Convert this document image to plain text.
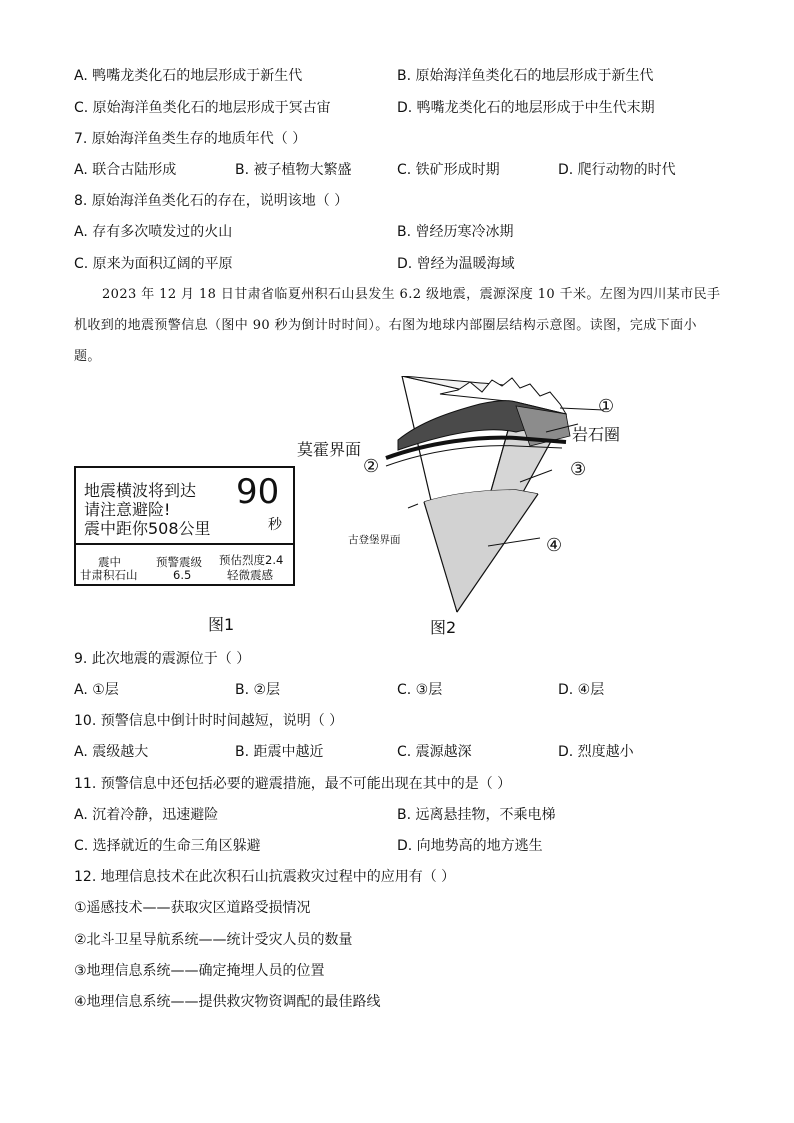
A. 鸭嘴龙类化石的地层形成于新生代	B. 原始海洋鱼类化石的地层形成于新生代
C. 原始海洋鱼类化石的地层形成于冥古宙	D. 鸭嘴龙类化石的地层形成于中生代末期
7. 原始海洋鱼类生存的地质年代（ ）
A. 联合古陆形成	B. 被子植物大繁盛	C. 铁矿形成时期	D. 爬行动物的时代
8. 原始海洋鱼类化石的存在，说明该地（ ）
A. 存有多次喷发过的火山	B. 曾经历寒冷冰期
C. 原来为面积辽阔的平原	D. 曾经为温暖海域
2023 年 12 月 18 日甘肃省临夏州积石山县发生 6.2 级地震，震源深度 10 千米。左图为四川某市民手机收到的地震预警信息（图中 90 秒为倒计时时间）。右图为地球内部圈层结构示意图。读图，完成下面小题。
地震横波将到达
请注意避险!
震中距你508公里
90
秒
震中
甘肃积石山
预警震级
6.5
预估烈度2.4
轻微震感
图1
莫霍界面
②
古登堡界面
①
岩石圈
③
④
图2
9. 此次地震的震源位于（ ）
A. ①层	B. ②层	C. ③层	D. ④层
10. 预警信息中倒计时时间越短，说明（ ）
A. 震级越大	B. 距震中越近	C. 震源越深	D. 烈度越小
11. 预警信息中还包括必要的避震措施，最不可能出现在其中的是（ ）
A. 沉着冷静，迅速避险	B. 远离悬挂物，不乘电梯
C. 选择就近的生命三角区躲避	D. 向地势高的地方逃生
12. 地理信息技术在此次积石山抗震救灾过程中的应用有（ ）
①遥感技术——获取灾区道路受损情况
②北斗卫星导航系统——统计受灾人员的数量
③地理信息系统——确定掩埋人员的位置
④地理信息系统——提供救灾物资调配的最佳路线
